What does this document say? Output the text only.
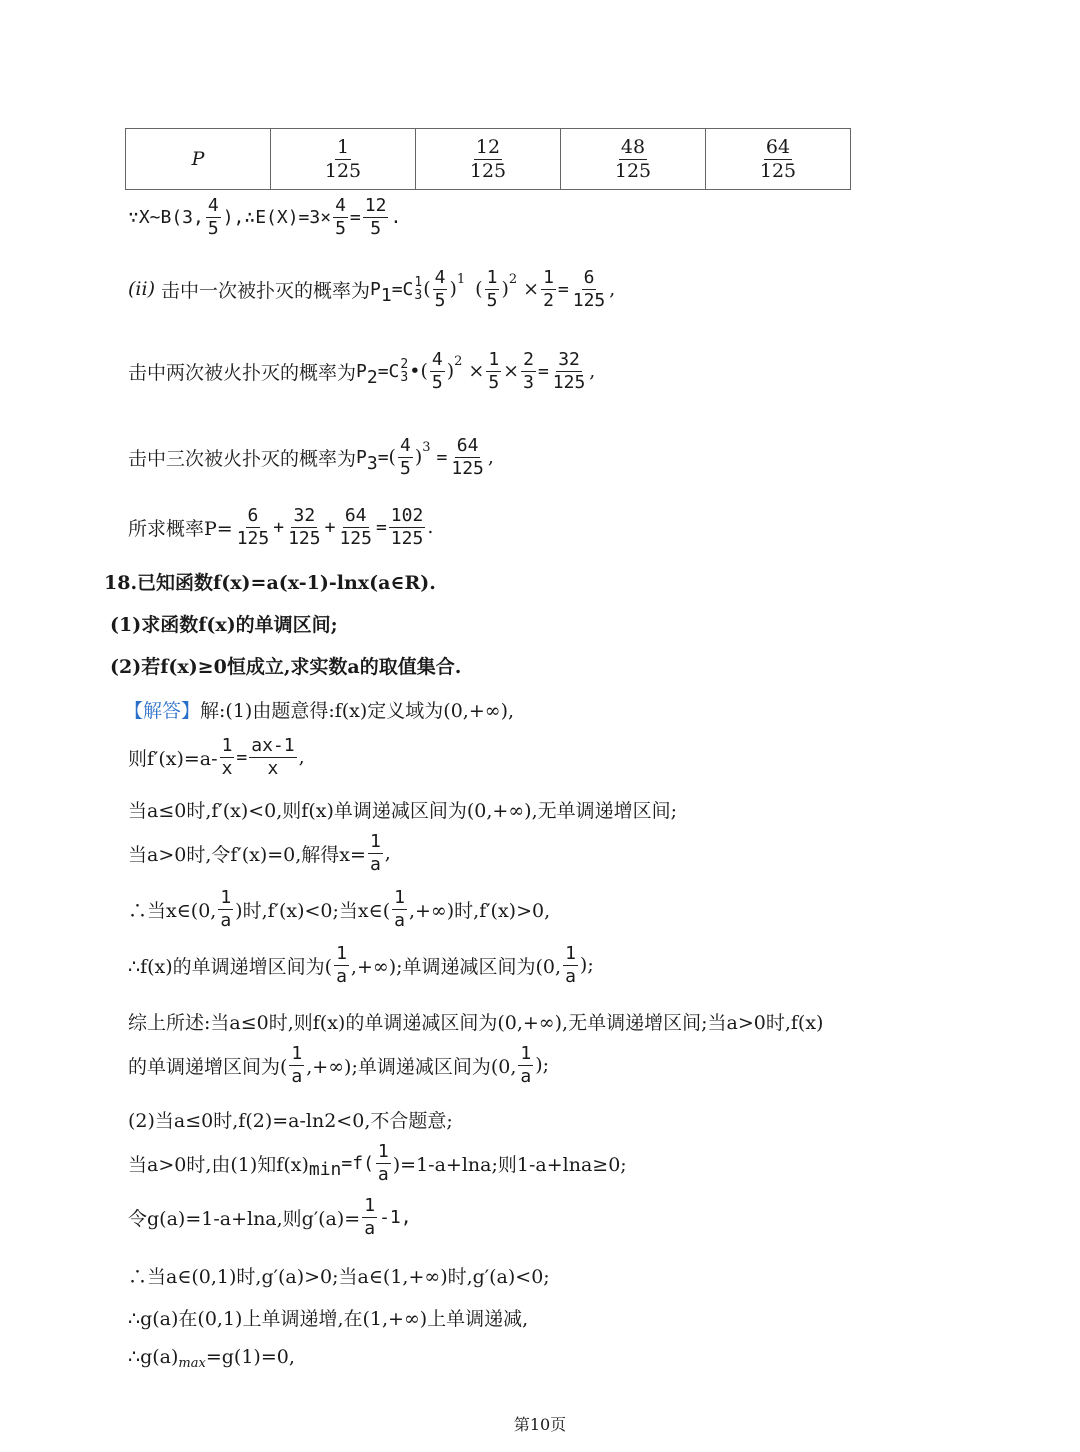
P	$\frac{1}{125}$	$\frac{12}{125}$	$\frac{48}{125}$	$\frac{64}{125}$
∵X~B(3, $\frac{4}{5}$ ),∴E(X)=3× $\frac{4}{5} = \frac{12}{5}$ .
(ii) 击中一次被扑灭的概率为 $P_1 =C$ 1
3 ( $\frac{4}{5} )^1$ ( $\frac{1}{5} )^2 \times \frac{1}{2} = \frac{6}{125}$ ,
击中两次被火扑灭的概率为 $P_2 =C$ 2
3 • ( $\frac{4}{5} )^2 \times \frac{1}{5} \times \frac{2}{3} = \frac{32}{125}$ ,
击中三次被火扑灭的概率为 $P_3$ = ( $\frac{4}{5} )^3 = \frac{64}{125}$ ,
所求概率$P= \frac{6}{125} + \frac{32}{125} + \frac{64}{125} = \frac{102}{125}$ .
18.已知函数f(x)=a(x-1)-lnx(a∈R).
(1)求函数f(x)的单调区间;
(2)若f(x)≥0恒成立,求实数a的取值集合.
【解答】 解:(1)由题意得:f(x)定义域为(0,+∞),
则$f'(x)=a- \frac{1}{x} = \frac{ax-1}{x}$ ,
当a≤0时,f′(x)<0,则f(x)单调递减区间为(0,+∞),无单调递增区间;
当a>0时,令f′(x)=0,解得$x= \frac{1}{a}$ ,
∴当x∈(0, $\frac{1}{a}$ )时,f′(x)<0;当x∈( $\frac{1}{a}$ ,+∞)时,f′(x)>0,
∴f(x)的单调递增区间为( $\frac{1}{a}$ ,+∞);单调递减区间为(0, $\frac{1}{a}$ );
综上所述:当a≤0时,则f(x)的单调递减区间为(0,+∞),无单调递增区间;当a>0时,f(x)
的单调递增区间为( $\frac{1}{a}$ ,+∞);单调递减区间为(0, $\frac{1}{a}$ );
(2)当a≤0时,f(2)=a-ln2<0,不合题意;
当a>0时,由(1)知$f(x)_{min} =f( \frac{1}{a} )=1-a+\ln a$;则1-a+lna≥0;
令g(a)=1-a+lna,则$g'(a)= \frac{1}{a} -1$,
∴当a∈(0,1)时,g′(a)>0;当a∈(1,+∞)时,g′(a)<0;
∴g(a)在(0,1)上单调递增,在(1,+∞)上单调递减,
$\therefore g(a)_{max} =g(1)=0$,
第10页
